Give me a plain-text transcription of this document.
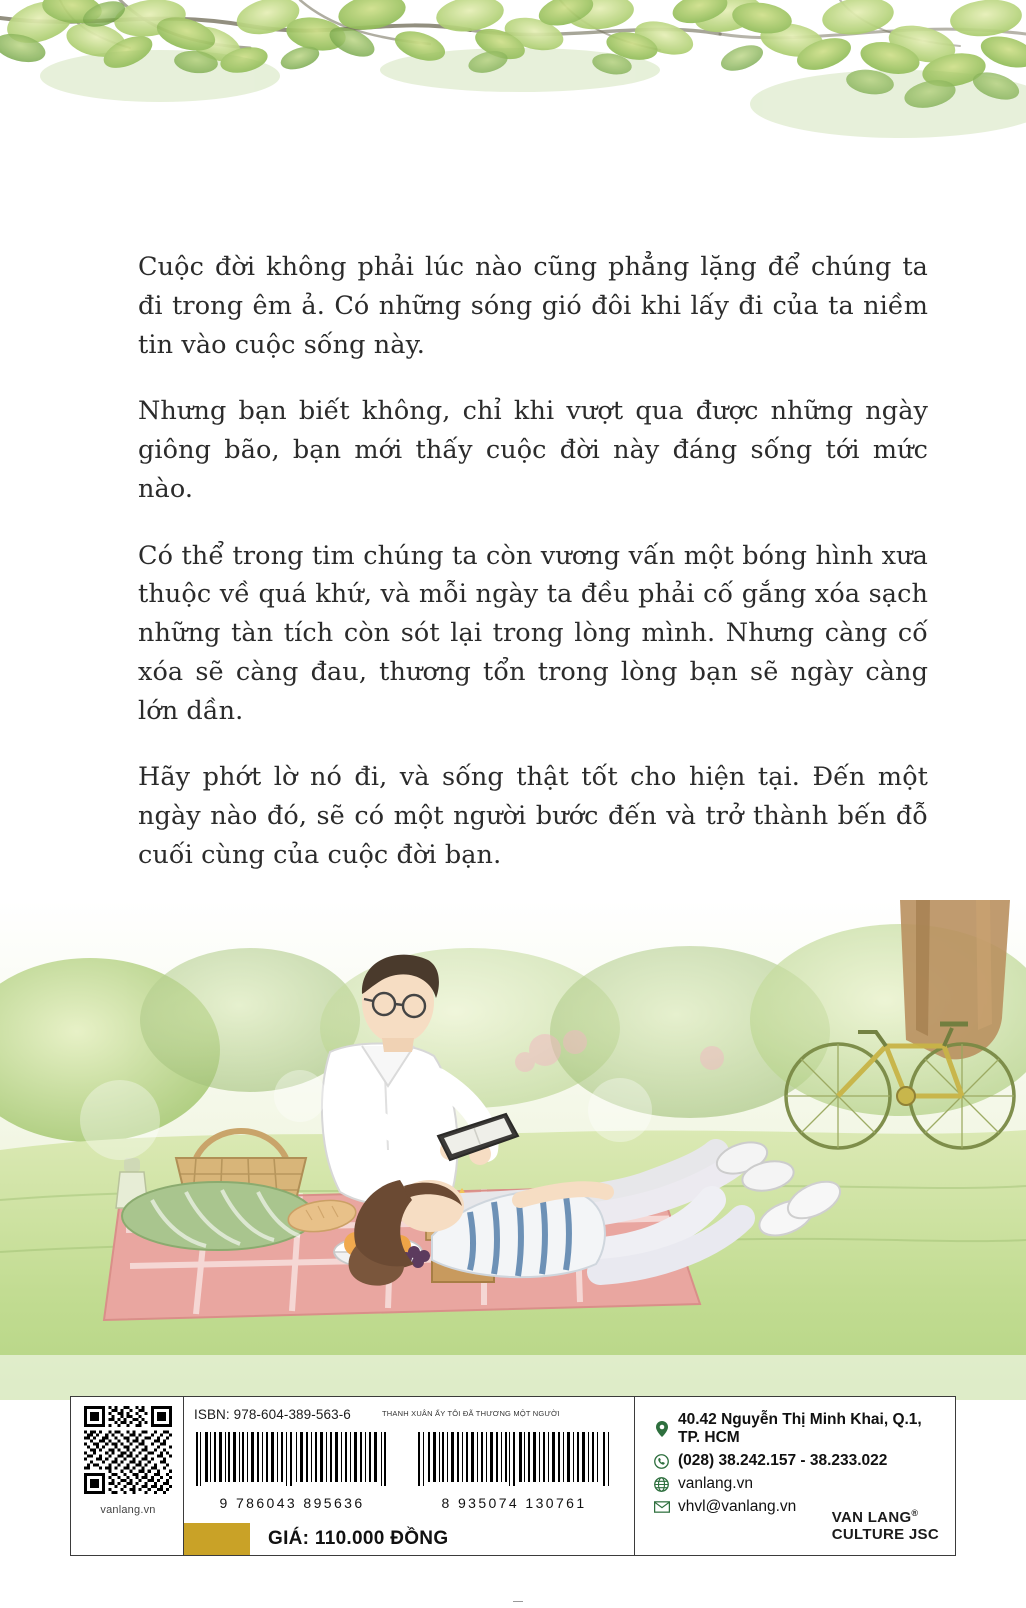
Cuộc đời không phải lúc nào cũng phẳng lặng để chúng ta đi trong êm ả. Có những sóng gió đôi khi lấy đi của ta niềm tin vào cuộc sống này.

Nhưng bạn biết không, chỉ khi vượt qua được những ngày giông bão, bạn mới thấy cuộc đời này đáng sống tới mức nào.

Có thể trong tim chúng ta còn vương vấn một bóng hình xưa thuộc về quá khứ, và mỗi ngày ta đều phải cố gắng xóa sạch những tàn tích còn sót lại trong lòng mình. Nhưng càng cố xóa sẽ càng đau, thương tổn trong lòng bạn sẽ ngày càng lớn dần.

Hãy phớt lờ nó đi, và sống thật tốt cho hiện tại. Đến một ngày nào đó, sẽ có một người bước đến và trở thành bến đỗ cuối cùng của cuộc đời bạn.

vanlang.vn
ISBN: 978-604-389-563-6	THANH XUÂN ẤY TÔI ĐÃ THƯƠNG MỘT NGƯỜI
9 786043 895636	8 935074 130761
GIÁ: 110.000 ĐỒNG
40.42 Nguyễn Thị Minh Khai, Q.1, TP. HCM
(028) 38.242.157 - 38.233.022
vanlang.vn
vhvl@vanlang.vn
VAN LANG®
CULTURE JSC
